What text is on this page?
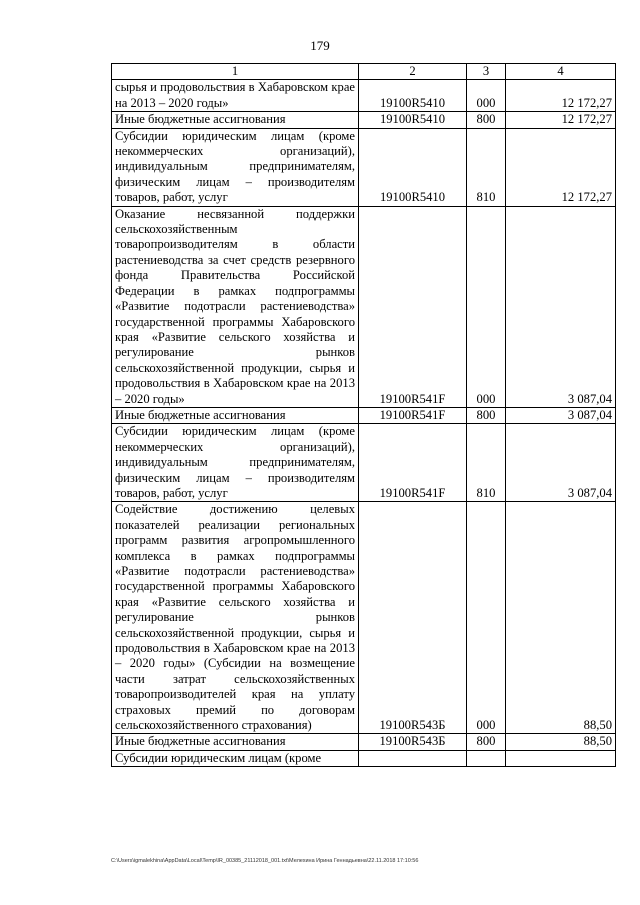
179
1	2	3	4
сырья и продовольствия в Хабаровском крае на 2013 – 2020 годы»	19100R5410	000	12 172,27
Иные бюджетные ассигнования	19100R5410	800	12 172,27
Субсидии юридическим лицам (кроме некоммерческих организаций), индивидуальным предпринимателям, физическим лицам – производителям товаров, работ, услуг	19100R5410	810	12 172,27
Оказание несвязанной поддержки сельскохозяйственным товаропроизводителям в области растениеводства за счет средств резервного фонда Правительства Российской Федерации в рамках подпрограммы «Развитие подотрасли растениеводства» государственной программы Хабаровского края «Развитие сельского хозяйства и регулирование рынков сельскохозяйственной продукции, сырья и продовольствия в Хабаровском крае на 2013 – 2020 годы»	19100R541F	000	3 087,04
Иные бюджетные ассигнования	19100R541F	800	3 087,04
Субсидии юридическим лицам (кроме некоммерческих организаций), индивидуальным предпринимателям, физическим лицам – производителям товаров, работ, услуг	19100R541F	810	3 087,04
Содействие достижению целевых показателей реализации региональных программ развития агропромышленного комплекса в рамках подпрограммы «Развитие подотрасли растениеводства» государственной программы Хабаровского края «Развитие сельского хозяйства и регулирование рынков сельскохозяйственной продукции, сырья и продовольствия в Хабаровском крае на 2013 – 2020 годы» (Субсидии на возмещение части затрат сельскохозяйственных товаропроизводителей края на уплату страховых премий по договорам сельскохозяйственного страхования)	19100R543Б	000	88,50
Иные бюджетные ассигнования	19100R543Б	800	88,50
Субсидии юридическим лицам (кроме			
C:\Users\igmalekhina\AppData\Local\Temp\IR_00385_21112018_001.txt\Мелехина Ирина Геннадьевна\22.11.2018 17:10:56
